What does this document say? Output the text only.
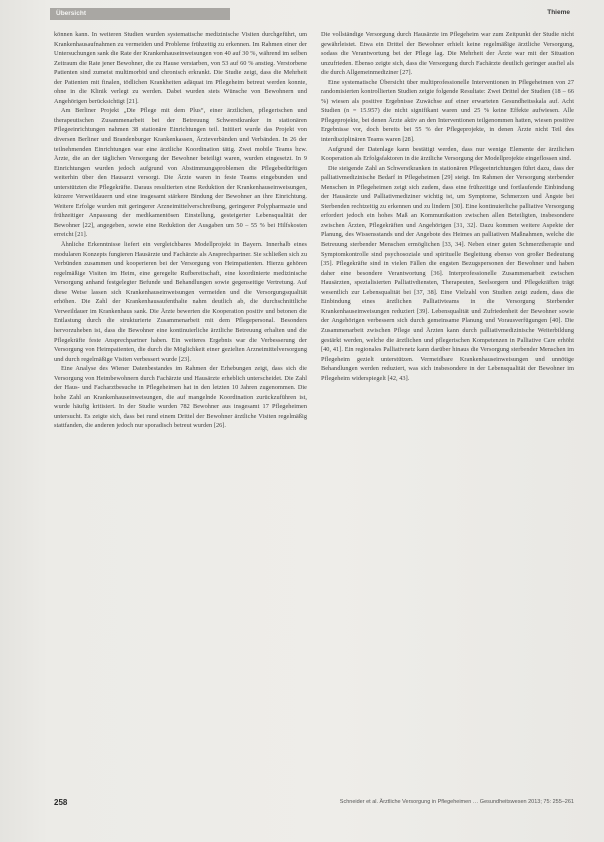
Übersicht	Thieme

können kann. In weiteren Studien wurden systematische medizinische Visiten durchgeführt, um Krankenhausaufnahmen zu vermeiden und Probleme frühzeitig zu erkennen. Im Rahmen einer der Untersuchungen sank die Rate der Krankenhauseinweisungen von 40 auf 30 %, während im selben Zeitraum die Rate jener Bewohner, die zu Hause verstarben, von 53 auf 60 % anstieg. Verstorbene Patienten sind zumeist multimorbid und chronisch erkrankt. Die Studie zeigt, dass die Mehrheit der Patienten mit finalen, tödlichen Krankheiten adäquat im Pflegeheim betreut werden konnte, ohne in die Klinik verlegt zu werden. Dabei wurden stets Wünsche von Bewohnern und Angehörigen berücksichtigt [21].

Am Berliner Projekt „Die Pflege mit dem Plus“, einer ärztlichen, pflegerischen und therapeutischen Zusammenarbeit bei der Betreuung Schwerstkranker in stationären Pflegeeinrichtungen nahmen 38 stationäre Einrichtungen teil. Initiiert wurde das Projekt von diversen Berliner und Brandenburger Krankenkassen, Ärzteverbänden und Verbänden. In 26 der teilnehmenden Einrichtungen war eine ärztliche Koordination tätig. Zwei mobile Teams bzw. Ärzte, die an der täglichen Versorgung der Bewohner beteiligt waren, wurden eingesetzt. In 9 Einrichtungen wurden jedoch aufgrund von Abstimmungsproblemen die Pflegebedürftigen weiterhin über den Hausarzt versorgt. Die Ärzte waren in feste Teams eingebunden und unterstützten die Pflegekräfte. Daraus resultierten eine Reduktion der Krankenhauseinweisungen, kürzere Verweildauern und eine insgesamt stärkere Bindung der Bewohner an ihre Einrichtung. Weitere Erfolge wurden mit geringerer Arzneimittelverschreibung, geringerer Polypharmazie und frühzeitiger Anpassung der medikamentösen Einstellung, gesteigerter Lebensqualität der Bewohner [22], angegeben, sowie eine Reduktion der Ausgaben um 50 – 55 % bei Hilfskosten erreicht [21].

Ähnliche Erkenntnisse liefert ein vergleichbares Modellprojekt in Bayern. Innerhalb eines modularen Konzepts fungieren Hausärzte und Fachärzte als Ansprechpartner. Sie schließen sich zu Verbünden zusammen und kooperieren bei der Versorgung von Heimpatienten. Hierzu gehören regelmäßige Visiten im Heim, eine geregelte Rufbereitschaft, eine koordinierte medizinische Versorgung anhand festgelegter Befunde und Behandlungen sowie gegenseitige Vertretung. Auf diese Weise lassen sich Krankenhauseinweisungen vermeiden und die Versorgungsqualität erhöhen. Die Zahl der Krankenhausaufenthalte nahm deutlich ab, die durchschnittliche Verweildauer im Krankenhaus sank. Die Ärzte bewerten die Kooperation positiv und betonen die Entlastung durch die strukturierte Zusammenarbeit mit dem Pflegepersonal. Besonders hervorzuheben ist, dass die Bewohner eine kontinuierliche ärztliche Betreuung erhalten und die Pflegekräfte feste Ansprechpartner haben. Ein weiteres Ergebnis war die Verbesserung der Versorgung von Heimpatienten, die durch die Möglichkeit einer gezielten Arzneimittelversorgung und durch regelmäßige Visiten verbessert wurde [23].

Eine Analyse des Wiener Datenbestandes im Rahmen der Erhebungen zeigt, dass sich die Versorgung von Heimbewohnern durch Fachärzte und Hausärzte erheblich unterscheidet. Die Zahl der Haus- und Facharztbesuche in Pflegeheimen hat in den letzten 10 Jahren zugenommen. Die hohe Zahl an Krankenhauseinweisungen, die auf mangelnde Koordination zurückzuführen ist, wurde häufig kritisiert. In der Studie wurden 782 Bewohner aus insgesamt 17 Pflegeheimen untersucht. Es zeigte sich, dass bei rund einem Drittel der Bewohner ärztliche Visiten regelmäßig stattfanden, die anderen jedoch nur sporadisch betreut wurden [26].

Die vollständige Versorgung durch Hausärzte im Pflegeheim war zum Zeitpunkt der Studie nicht gewährleistet. Etwa ein Drittel der Bewohner erhielt keine regelmäßige ärztliche Versorgung, sodass die Verantwortung bei der Pflege lag. Die Mehrheit der Ärzte war mit der Situation unzufrieden. Ebenso zeigte sich, dass die Versorgung durch Fachärzte deutlich geringer ausfiel als die durch Allgemeinmediziner [27].

Eine systematische Übersicht über multiprofessionelle Interventionen in Pflegeheimen von 27 randomisierten kontrollierten Studien zeigte folgende Resultate: Zwei Drittel der Studien (18 – 66 %) wiesen als positive Ergebnisse Zuwächse auf einer erwarteten Gesundheitsskala auf. Acht Studien (n = 15.957) die nicht signifikant waren und 25 % keine Effekte aufwiesen. Alle Pflegeprojekte, bei denen Ärzte aktiv an den Interventionen teilgenommen hatten, wiesen positive Ergebnisse vor, doch bereits bei 55 % der Pflegeprojekte, in denen Ärzte nicht Teil des interdisziplinären Teams waren [28].

Aufgrund der Datenlage kann bestätigt werden, dass nur wenige Elemente der ärztlichen Kooperation als Erfolgsfaktoren in die ärztliche Versorgung der Modellprojekte eingeflossen sind.

Die steigende Zahl an Schwerstkranken in stationären Pflegeeinrichtungen führt dazu, dass der palliativmedizinische Bedarf in Pflegeheimen [29] steigt. Im Rahmen der Versorgung sterbender Menschen in Pflegeheimen zeigt sich zudem, dass eine frühzeitige und fortlaufende Einbindung der Hausärzte und Palliativmediziner wichtig ist, um Symptome, Schmerzen und Ängste bei Sterbenden rechtzeitig zu erkennen und zu lindern [30]. Eine kontinuierliche palliative Versorgung erfordert jedoch ein hohes Maß an Kommunikation zwischen allen Beteiligten, insbesondere zwischen Ärzten, Pflegekräften und Angehörigen [31, 32]. Dazu kommen weitere Aspekte der Planung, des Wissensstands und der Angebote des Heimes an palliativen Maßnahmen, welche die Betreuung sterbender Menschen ermöglichen [33, 34]. Neben einer guten Schmerztherapie und Symptomkontrolle sind psychosoziale und spirituelle Begleitung ebenso von großer Bedeutung [35]. Pflegekräfte sind in vielen Fällen die engsten Bezugspersonen der Bewohner und haben daher eine besondere Verantwortung [36]. Interprofessionelle Zusammenarbeit zwischen Hausärzten, spezialisierten Palliativdiensten, Therapeuten, Seelsorgern und Pflegekräften trägt wesentlich zur Lebensqualität bei [37, 38]. Eine Vielzahl von Studien zeigt zudem, dass die Einbindung eines ärztlichen Palliativteams in die Versorgung Sterbender Krankenhauseinweisungen reduziert [39]. Lebensqualität und Zufriedenheit der Bewohner sowie der Angehörigen verbessern sich durch gemeinsame Planung und Vorausverfügungen [40]. Die Zusammenarbeit zwischen Pflege und Ärzten kann durch palliativmedizinische Weiterbildung gestärkt werden, welche die ärztlichen und pflegerischen Kompetenzen in Palliative Care erhöht [40, 41]. Ein regionales Palliativnetz kann darüber hinaus die Versorgung sterbender Menschen im Pflegeheim gezielt unterstützen. Vermeidbare Krankenhauseinweisungen und unnötige Behandlungen werden reduziert, was sich insbesondere in der Lebensqualität der Bewohner im Pflegeheim widerspiegelt [42, 43].

258	Schneider et al. Ärztliche Versorgung in Pflegeheimen … Gesundheitswesen 2013; 75: 255–261
